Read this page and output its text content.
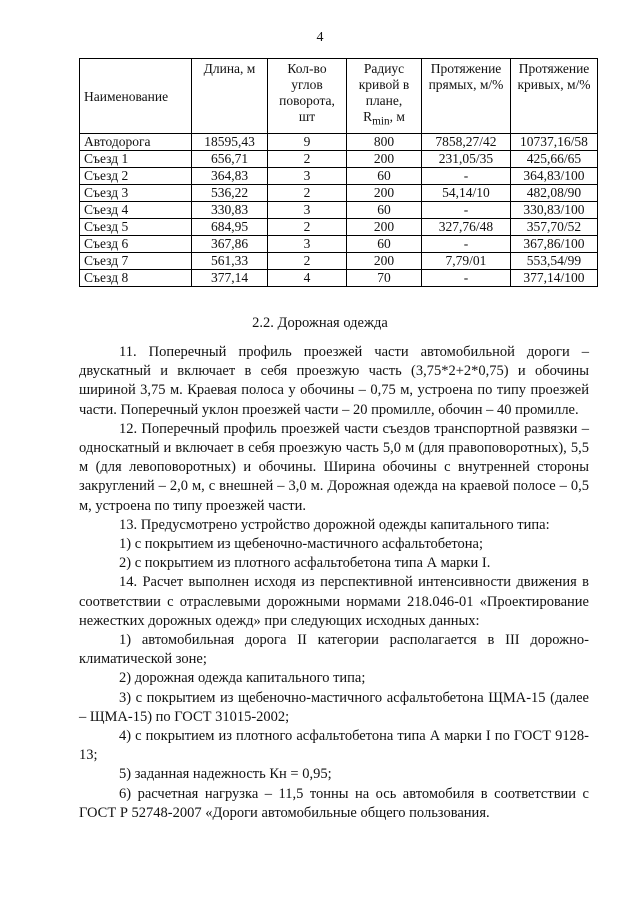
4
Наименование	Длина, м	Кол-во углов поворота, шт	Радиус кривой в плане, $R_{min}$, м	Протяжение прямых, м/%	Протяжение кривых, м/%
Автодорога	18595,43	9	800	7858,27/42	10737,16/58
Съезд 1	656,71	2	200	231,05/35	425,66/65
Съезд 2	364,83	3	60	-	364,83/100
Съезд 3	536,22	2	200	54,14/10	482,08/90
Съезд 4	330,83	3	60	-	330,83/100
Съезд 5	684,95	2	200	327,76/48	357,70/52
Съезд 6	367,86	3	60	-	367,86/100
Съезд 7	561,33	2	200	7,79/01	553,54/99
Съезд 8	377,14	4	70	-	377,14/100
2.2. Дорожная одежда

11. Поперечный профиль проезжей части автомобильной дороги – двускатный и включает в себя проезжую часть (3,75*2+2*0,75) и обочины шириной 3,75 м. Краевая полоса у обочины – 0,75 м, устроена по типу проезжей части. Поперечный уклон проезжей части – 20 промилле, обочин – 40 промилле.

12. Поперечный профиль проезжей части съездов транспортной развязки – односкатный и включает в себя проезжую часть 5,0 м (для правоповоротных), 5,5 м (для левоповоротных) и обочины. Ширина обочины с внутренней стороны закруглений – 2,0 м, с внешней – 3,0 м. Дорожная одежда на краевой полосе – 0,5 м, устроена по типу проезжей части.

13. Предусмотрено устройство дорожной одежды капитального типа:

1) с покрытием из щебеночно-мастичного асфальтобетона;

2) с покрытием из плотного асфальтобетона типа А марки I.

14. Расчет выполнен исходя из перспективной интенсивности движения в соответствии с отраслевыми дорожными нормами 218.046-01 «Проектирование нежестких дорожных одежд» при следующих исходных данных:

1) автомобильная дорога II категории располагается в III дорожно-климатической зоне;

2) дорожная одежда капитального типа;

3) с покрытием из щебеночно-мастичного асфальтобетона ЩМА-15 (далее – ЩМА-15) по ГОСТ 31015-2002;

4) с покрытием из плотного асфальтобетона типа А марки I по ГОСТ 9128-13;

5) заданная надежность Кн = 0,95;

6) расчетная нагрузка – 11,5 тонны на ось автомобиля в соответствии с ГОСТ Р 52748-2007 «Дороги автомобильные общего пользования.
